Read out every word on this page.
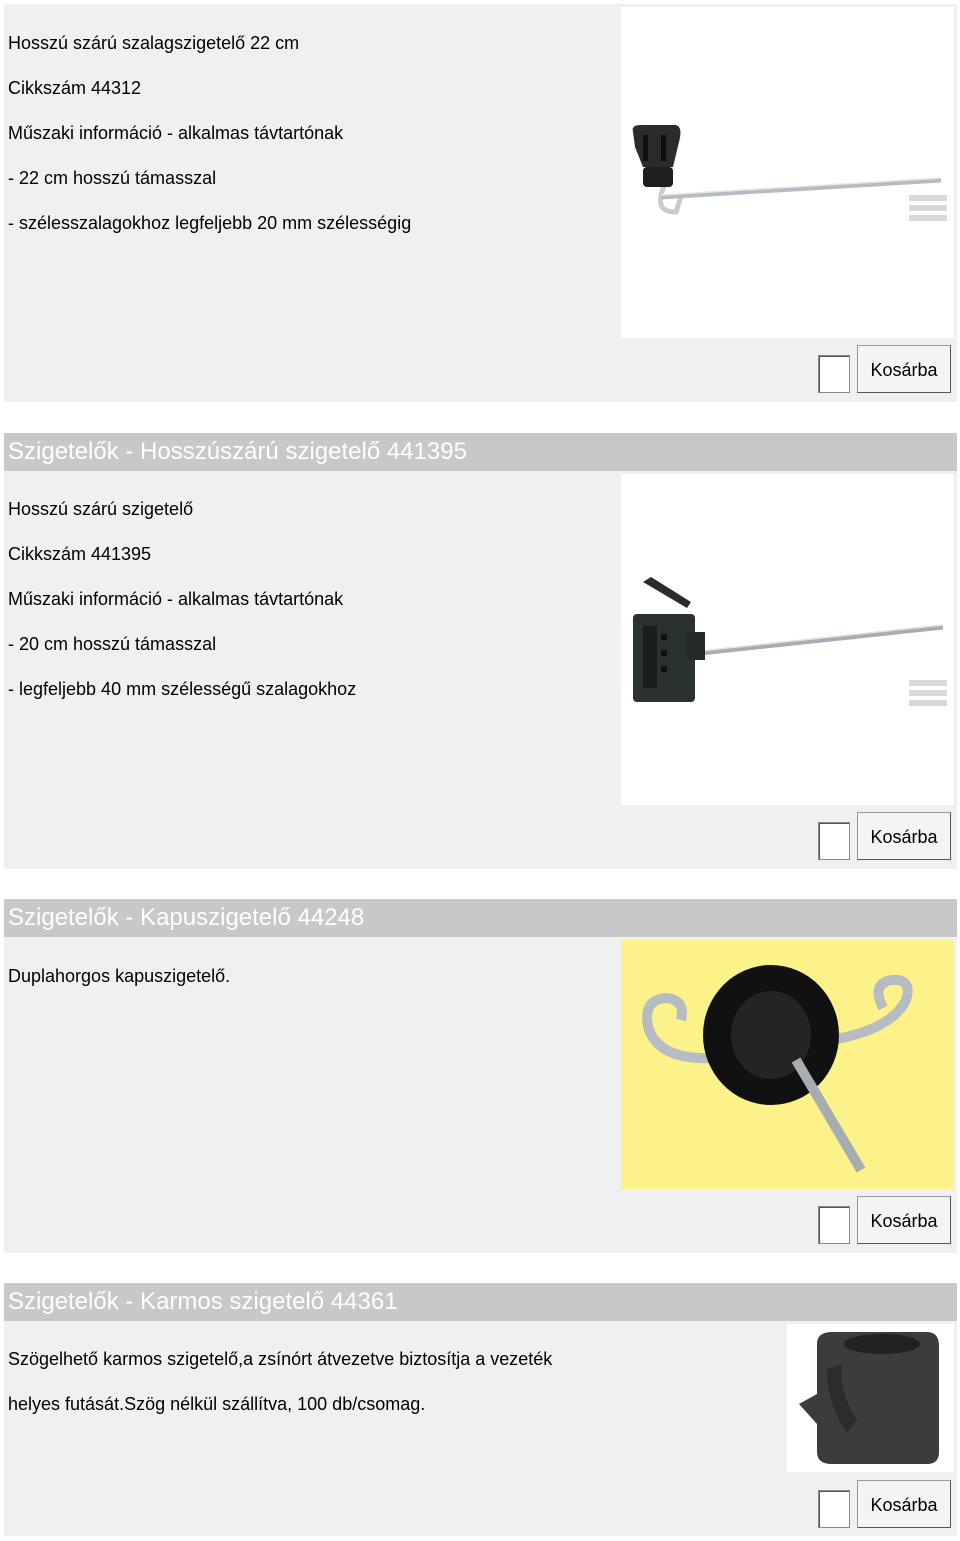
Hosszú szárú szalagszigetelő 22 cm

Cikkszám 44312

Műszaki információ - alkalmas távtartónak

- 22 cm hosszú támasszal

- szélesszalagokhoz legfeljebb 20 mm szélességig

Kosárba
Szigetelők - Hosszúszárú szigetelő 441395

Hosszú szárú szigetelő

Cikkszám 441395

Műszaki információ - alkalmas távtartónak

- 20 cm hosszú támasszal

- legfeljebb 40 mm szélességű szalagokhoz

Kosárba
Szigetelők - Kapuszigetelő 44248

Duplahorgos kapuszigetelő.

Kosárba
Szigetelők - Karmos szigetelő 44361

Szögelhető karmos szigetelő,a zsínórt átvezetve biztosítja a vezeték

helyes futását.Szög nélkül szállítva, 100 db/csomag.

Kosárba
